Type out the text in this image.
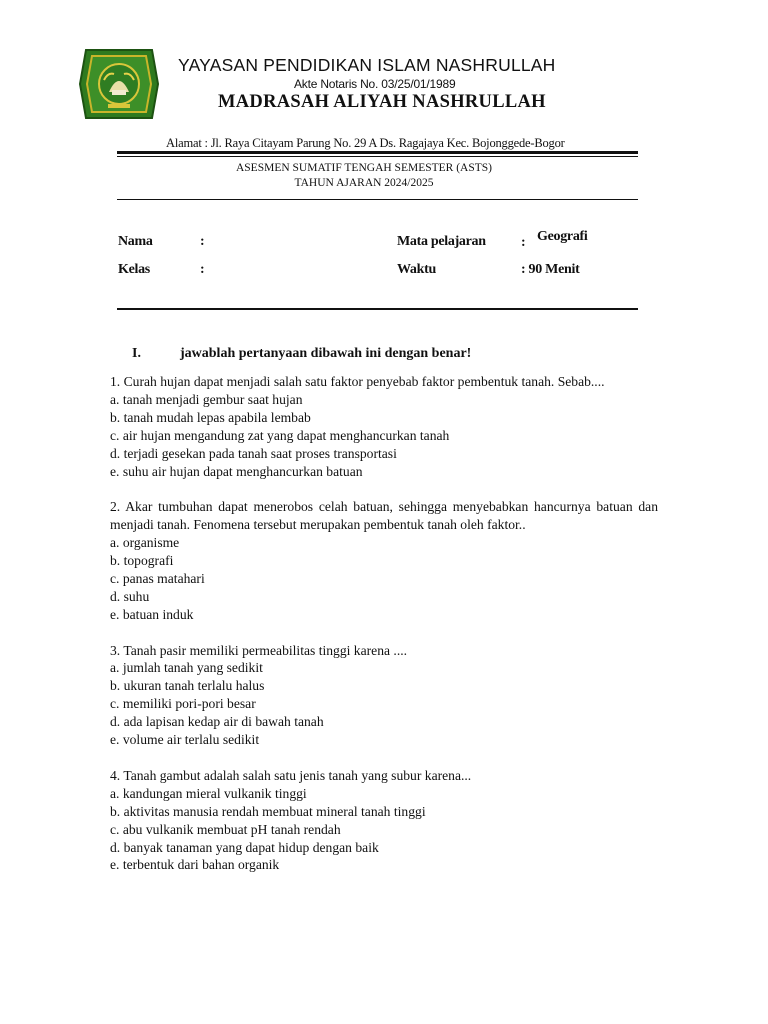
YAYASAN PENDIDIKAN ISLAM NASHRULLAH
Akte Notaris No. 03/25/01/1989
MADRASAH ALIYAH NASHRULLAH
Alamat : Jl. Raya Citayam Parung No. 29 A Ds. Ragajaya Kec. Bojonggede-Bogor
ASESMEN SUMATIF TENGAH SEMESTER (ASTS)
TAHUN AJARAN 2024/2025
Nama	:	Mata pelajaran	: Geografi
Kelas	:	Waktu	: 90 Menit
I.	jawablah pertanyaan dibawah ini dengan benar!
1. Curah hujan dapat menjadi salah satu faktor penyebab faktor pembentuk tanah. Sebab....
a. tanah menjadi gembur saat hujan
b. tanah mudah lepas apabila lembab
c. air hujan mengandung zat yang dapat menghancurkan tanah
d. terjadi gesekan pada tanah saat proses transportasi
e. suhu air hujan dapat menghancurkan batuan
2. Akar tumbuhan dapat menerobos celah batuan, sehingga menyebabkan hancurnya batuan dan menjadi tanah. Fenomena tersebut merupakan pembentuk tanah oleh faktor..
a. organisme
b. topografi
c. panas matahari
d. suhu
e. batuan induk
3. Tanah pasir memiliki permeabilitas tinggi karena ....
a. jumlah tanah yang sedikit
b. ukuran tanah terlalu halus
c. memiliki pori-pori besar
d. ada lapisan kedap air di bawah tanah
e. volume air terlalu sedikit
4. Tanah gambut adalah salah satu jenis tanah yang subur karena...
a. kandungan mieral vulkanik tinggi
b. aktivitas manusia rendah membuat mineral tanah tinggi
c. abu vulkanik membuat pH tanah rendah
d. banyak tanaman yang dapat hidup dengan baik
e. terbentuk dari bahan organik
